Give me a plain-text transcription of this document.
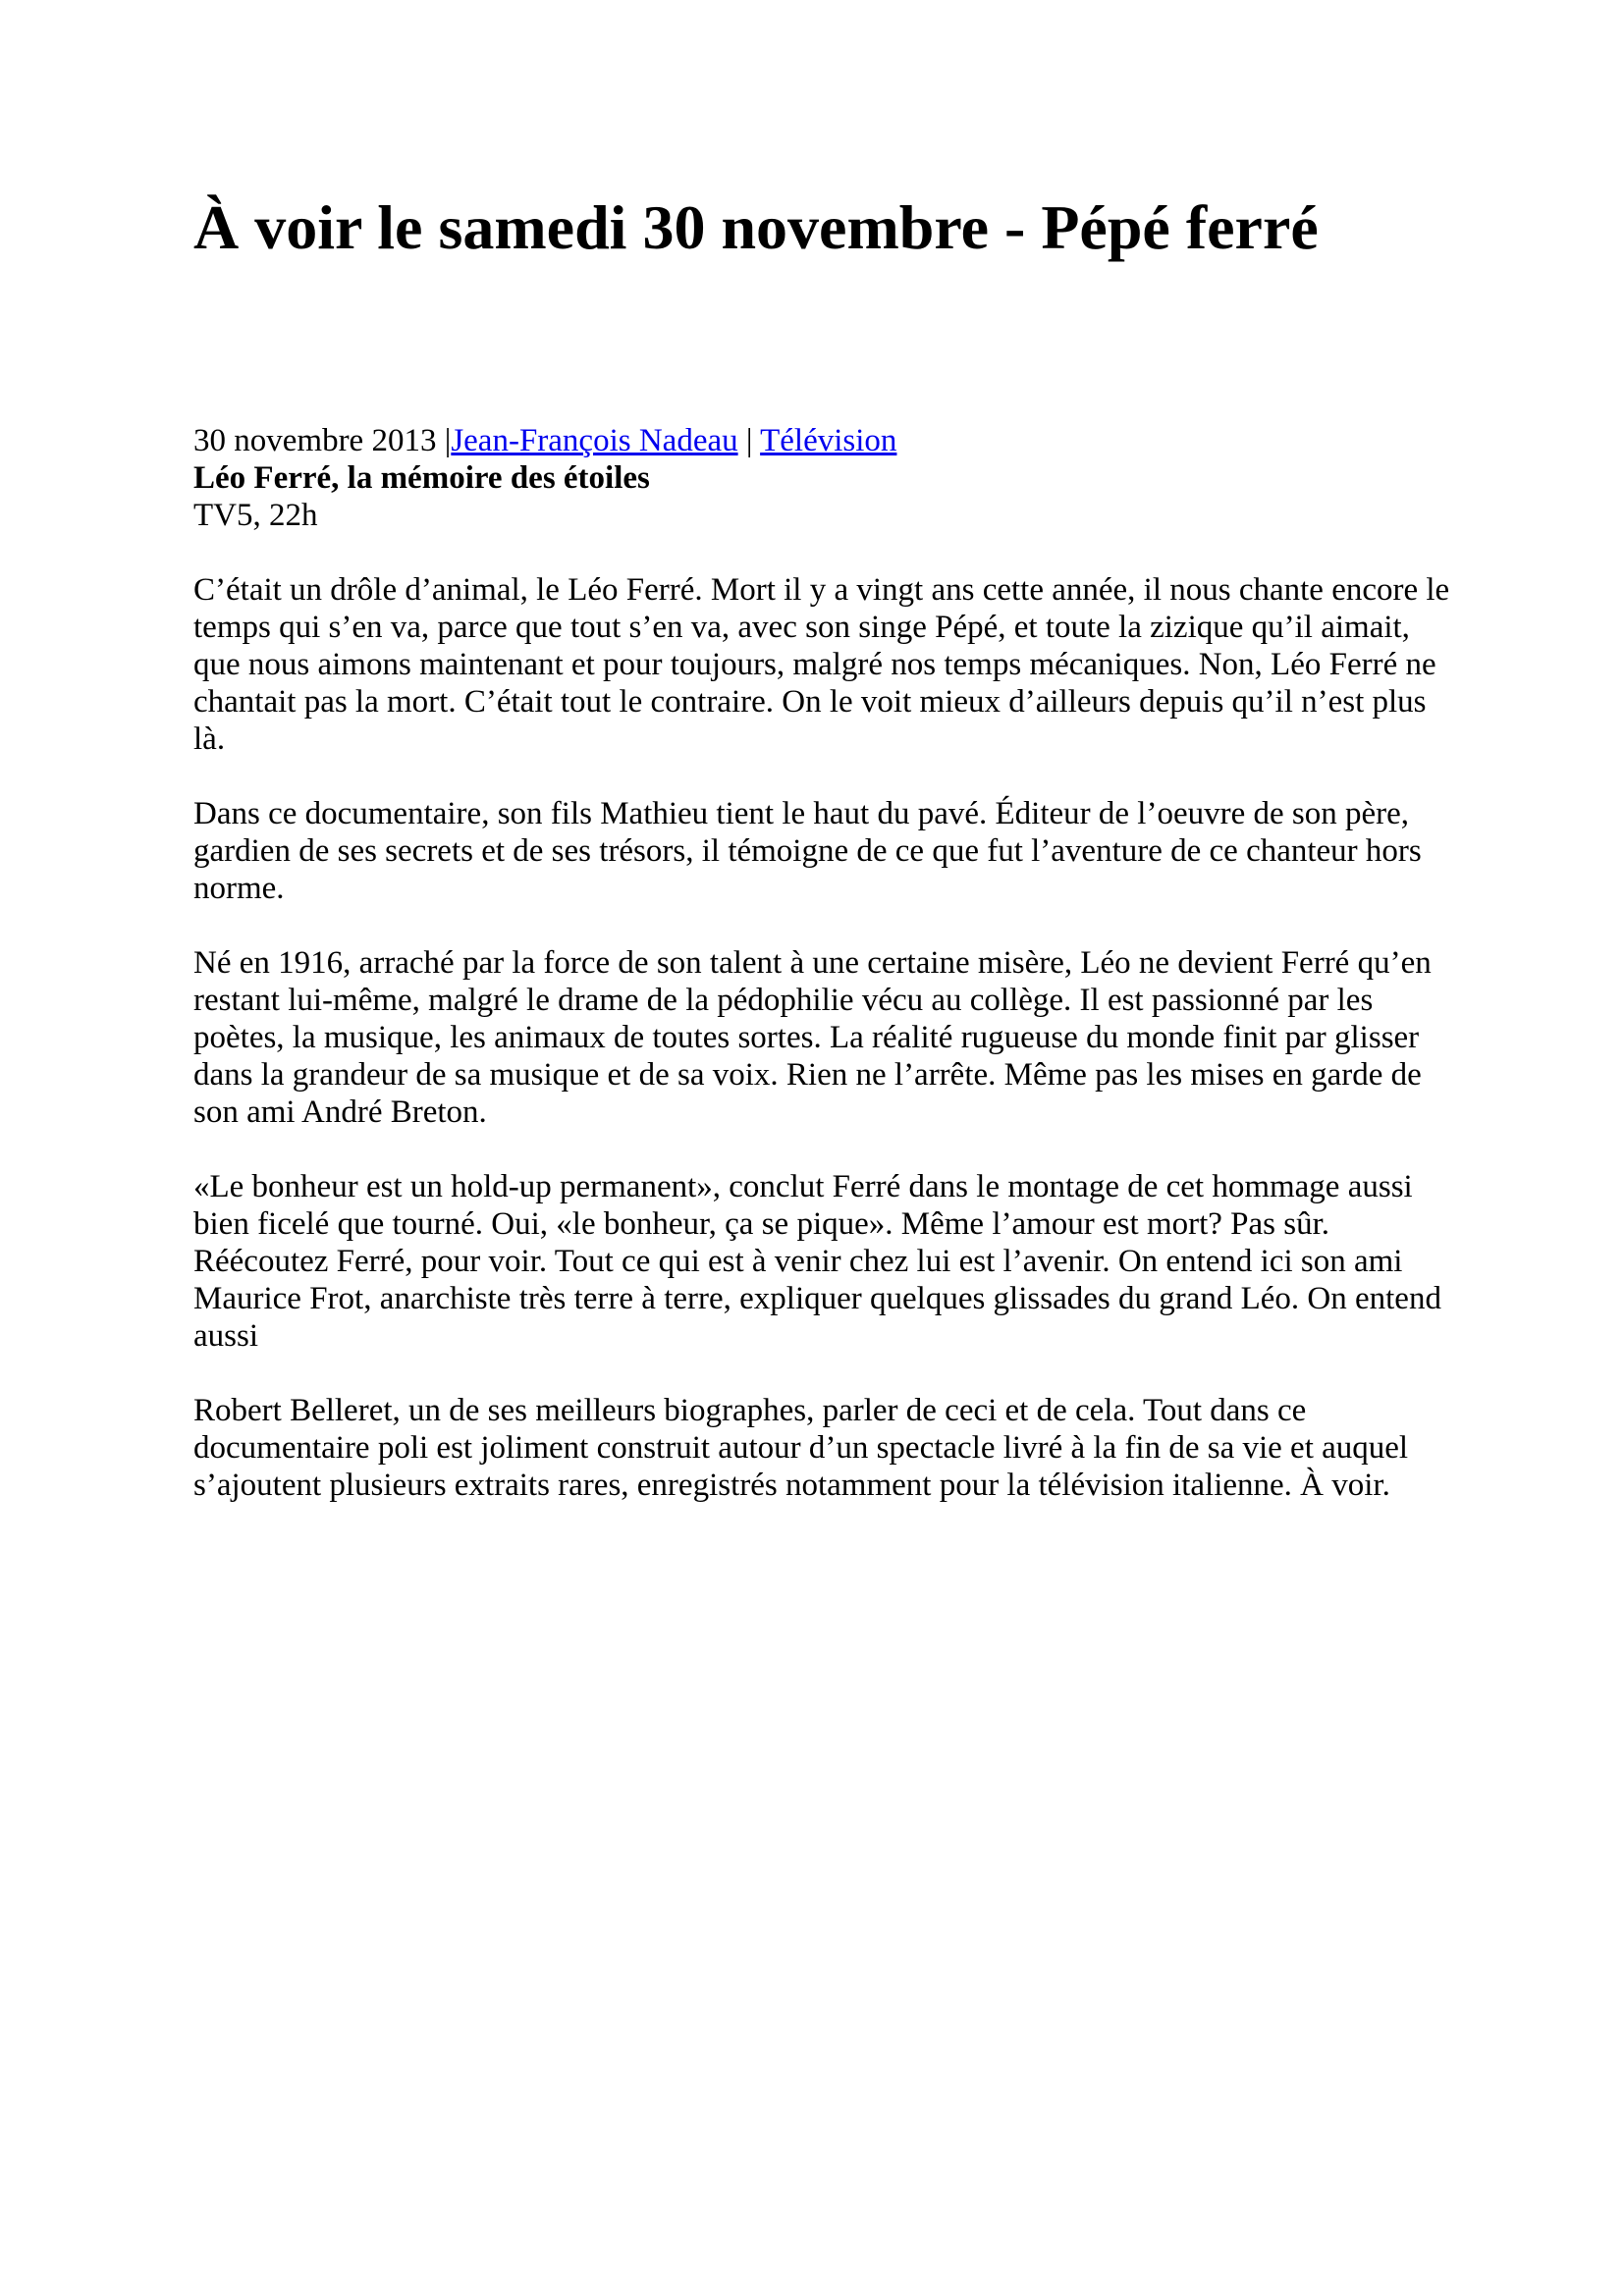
À voir le samedi 30 novembre - Pépé ferré
30 novembre 2013 |Jean-François Nadeau | Télévision
Léo Ferré, la mémoire des étoiles
TV5, 22h

C’était un drôle d’animal, le Léo Ferré. Mort il y a vingt ans cette année, il nous chante encore le temps qui s’en va, parce que tout s’en va, avec son singe Pépé, et toute la zizique qu’il aimait, que nous aimons maintenant et pour toujours, malgré nos temps mécaniques. Non, Léo Ferré ne chantait pas la mort. C’était tout le contraire. On le voit mieux d’ailleurs depuis qu’il n’est plus là.

Dans ce documentaire, son fils Mathieu tient le haut du pavé. Éditeur de l’oeuvre de son père, gardien de ses secrets et de ses trésors, il témoigne de ce que fut l’aventure de ce chanteur hors norme.

Né en 1916, arraché par la force de son talent à une certaine misère, Léo ne devient Ferré qu’en restant lui-même, malgré le drame de la pédophilie vécu au collège. Il est passionné par les poètes, la musique, les animaux de toutes sortes. La réalité rugueuse du monde finit par glisser dans la grandeur de sa musique et de sa voix. Rien ne l’arrête. Même pas les mises en garde de son ami André Breton.

«Le bonheur est un hold-up permanent», conclut Ferré dans le montage de cet hommage aussi bien ficelé que tourné. Oui, «le bonheur, ça se pique». Même l’amour est mort? Pas sûr. Réécoutez Ferré, pour voir. Tout ce qui est à venir chez lui est l’avenir. On entend ici son ami Maurice Frot, anarchiste très terre à terre, expliquer quelques glissades du grand Léo. On entend aussi

Robert Belleret, un de ses meilleurs biographes, parler de ceci et de cela. Tout dans ce documentaire poli est joliment construit autour d’un spectacle livré à la fin de sa vie et auquel s’ajoutent plusieurs extraits rares, enregistrés notamment pour la télévision italienne. À voir.
